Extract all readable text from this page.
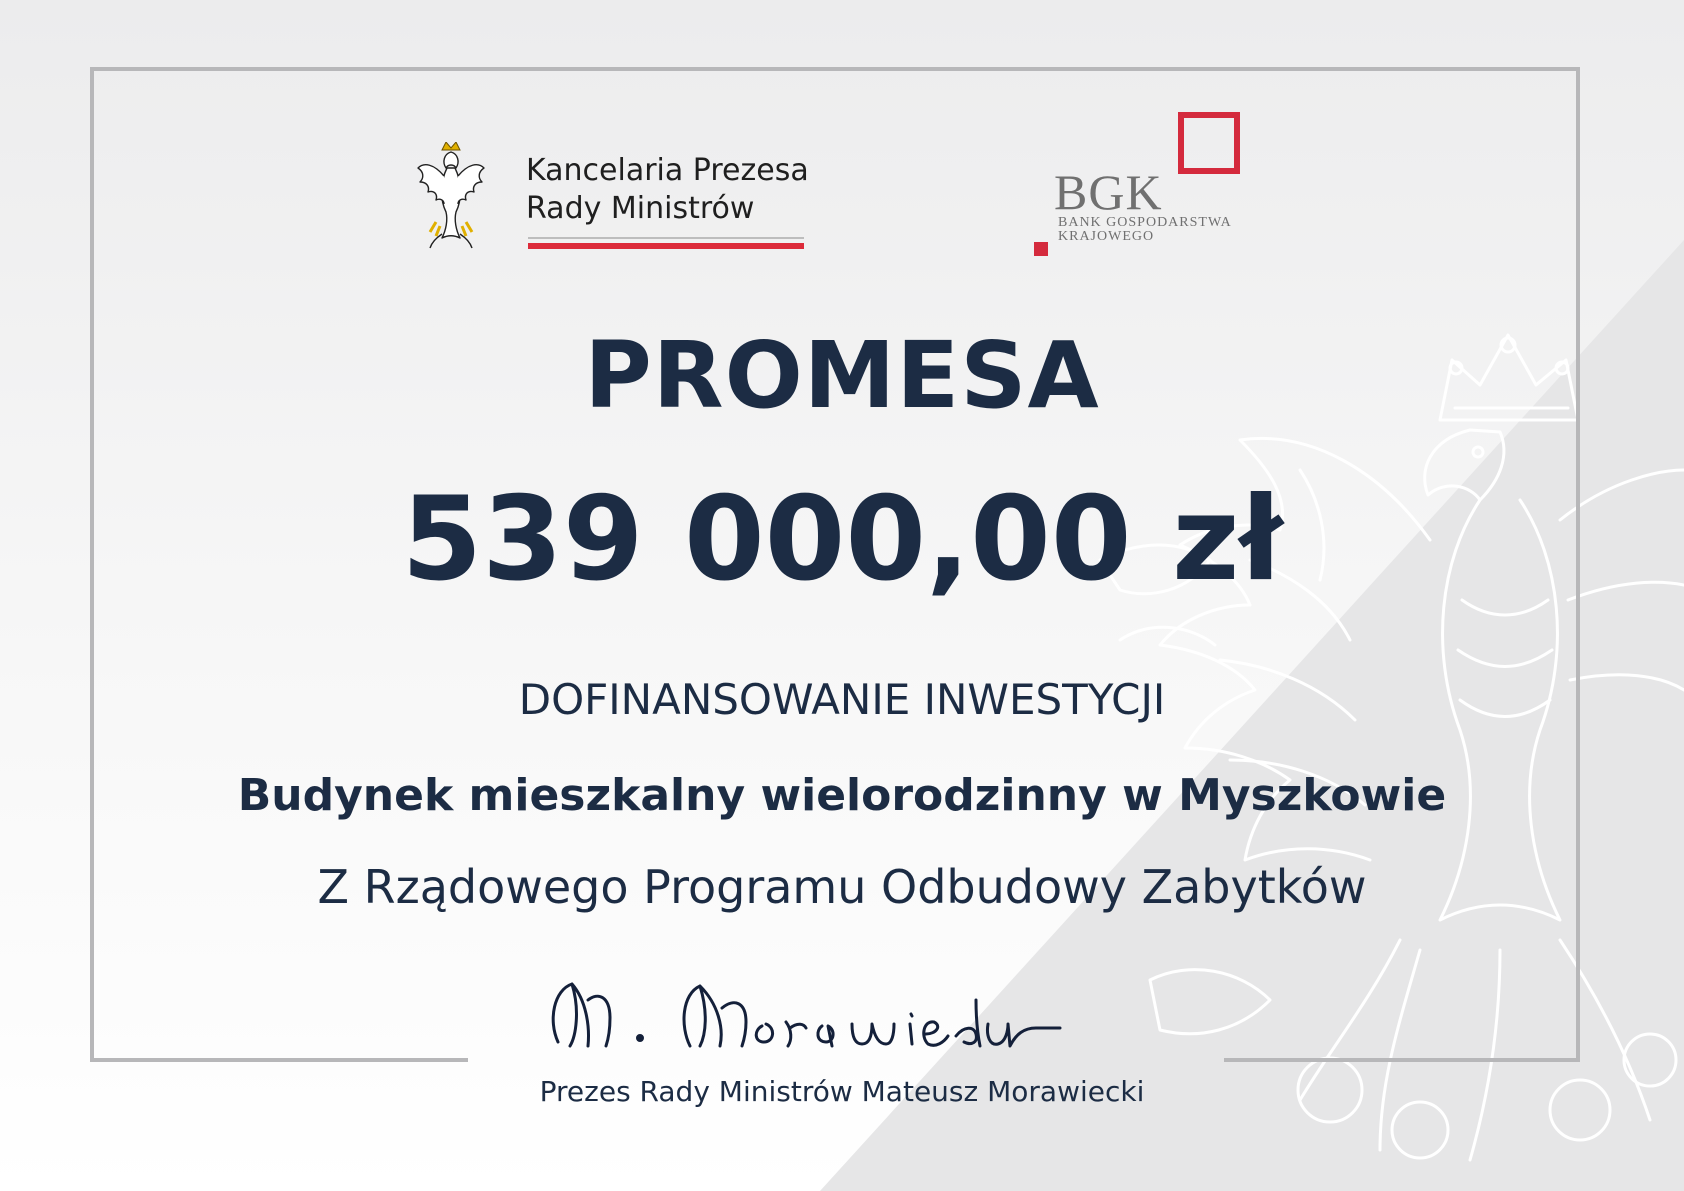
Kancelaria Prezesa
Rady Ministrów	BGK
BANK GOSPODARSTWA
KRAJOWEGO
PROMESA
539 000,00 zł
DOFINANSOWANIE INWESTYCJI
Budynek mieszkalny wielorodzinny w Myszkowie
Z Rządowego Programu Odbudowy Zabytków
Prezes Rady Ministrów Mateusz Morawiecki
